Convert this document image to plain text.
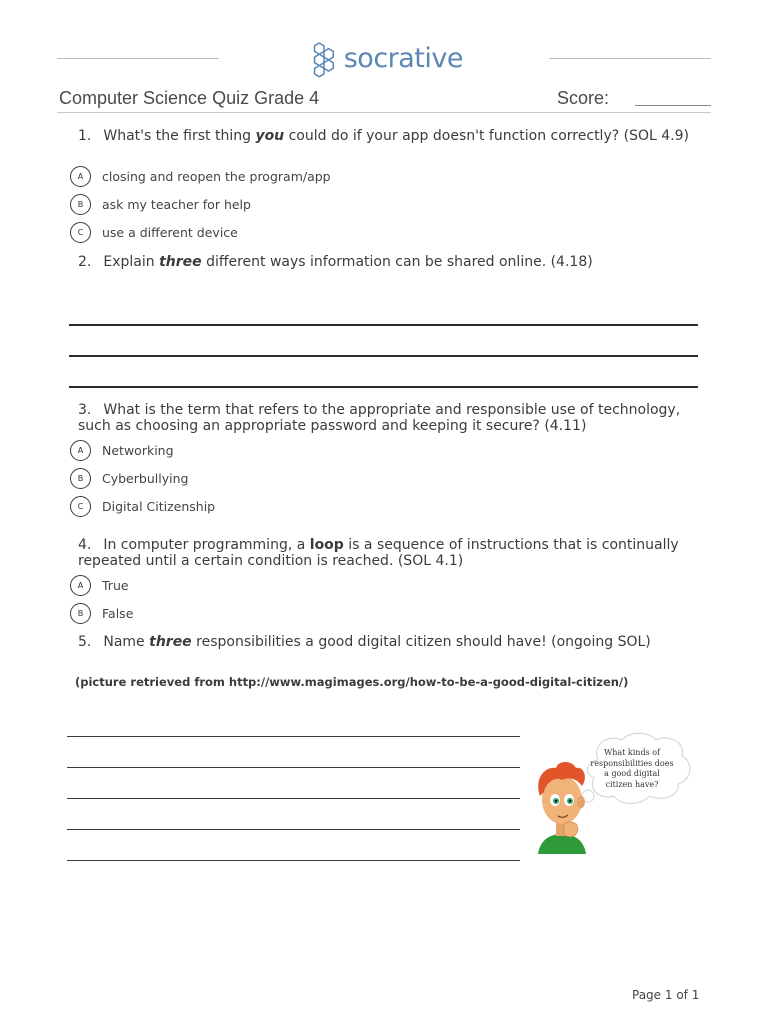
socrative
Computer Science Quiz Grade 4	Score:
1. What's the first thing you could do if your app doesn't function correctly? (SOL 4.9)
A	closing and reopen the program/app
B	ask my teacher for help
C	use a different device
2. Explain three different ways information can be shared online. (4.18)
3. What is the term that refers to the appropriate and responsible use of technology, such as choosing an appropriate password and keeping it secure? (4.11)
A	Networking
B	Cyberbullying
C	Digital Citizenship
4. In computer programming, a loop is a sequence of instructions that is continually repeated until a certain condition is reached. (SOL 4.1)
A	True
B	False
5. Name three responsibilities a good digital citizen should have! (ongoing SOL)
(picture retrieved from http://www.magimages.org/how-to-be-a-good-digital-citizen/)
What kinds of responsibilities does a good digital citizen have?
Page 1 of 1
